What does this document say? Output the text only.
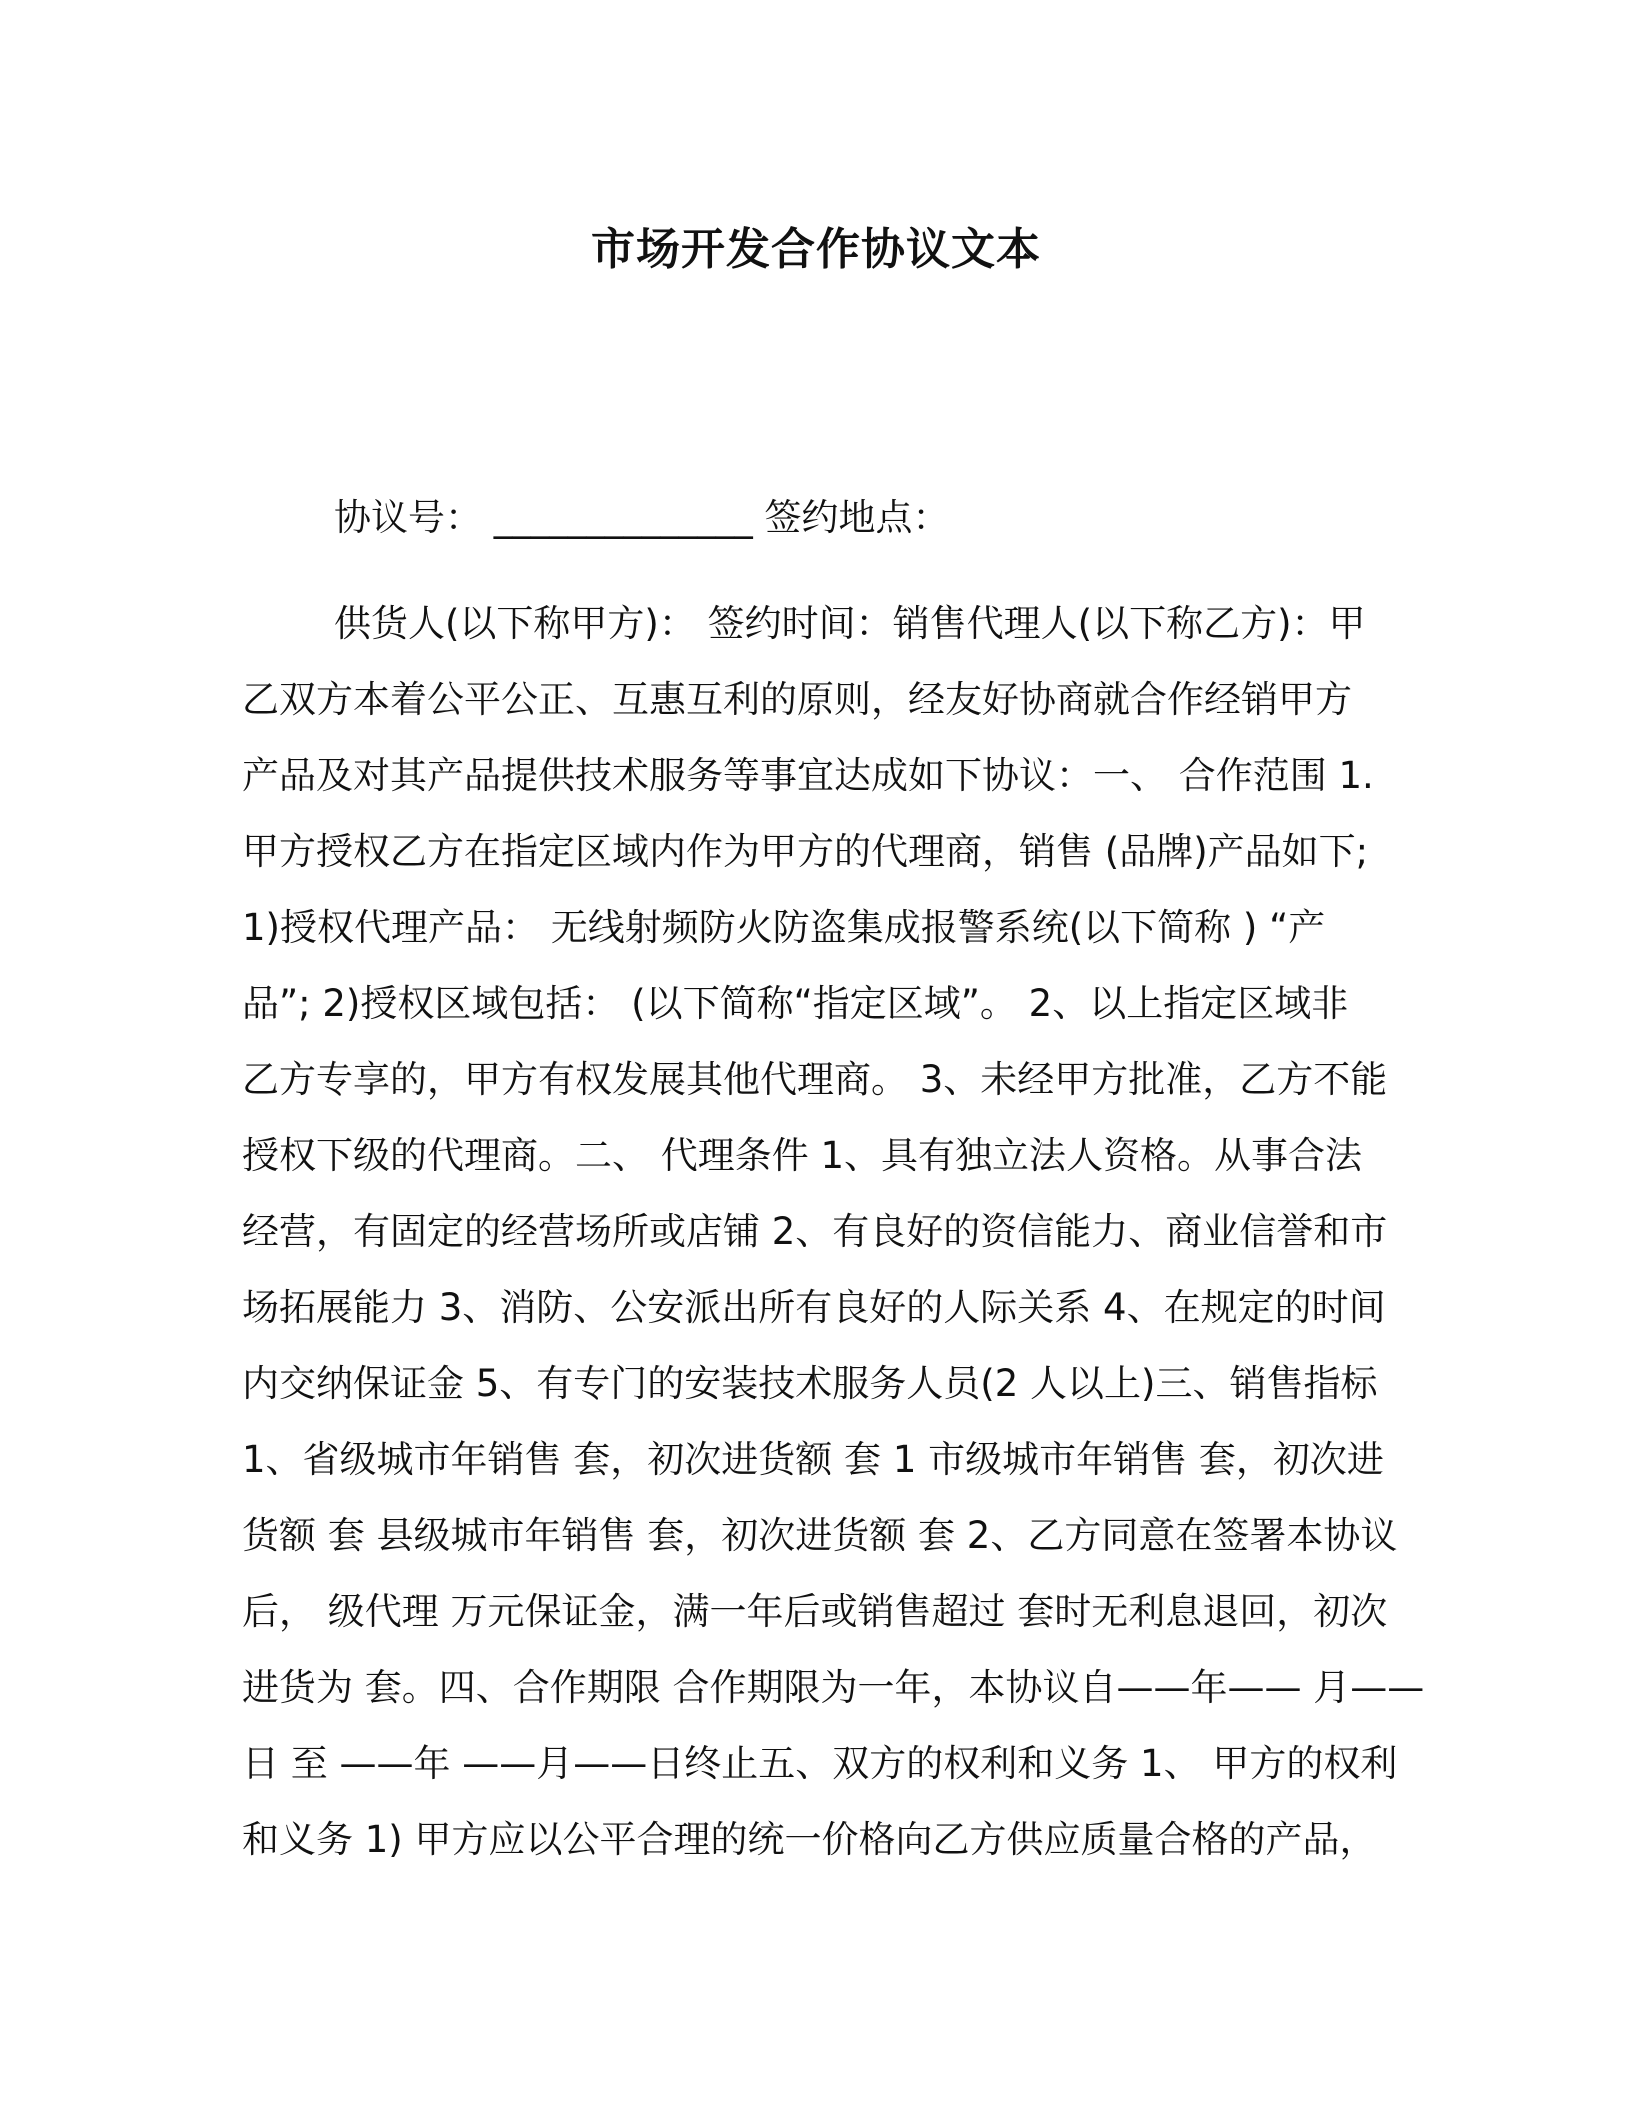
市场开发合作协议文本
协议号： ______________ 签约地点：
供货人(以下称甲方)： 签约时间：销售代理人(以下称乙方)：甲
乙双方本着公平公正、互惠互利的原则，经友好协商就合作经销甲方
产品及对其产品提供技术服务等事宜达成如下协议：一、 合作范围 1.
甲方授权乙方在指定区域内作为甲方的代理商，销售 (品牌)产品如下;
1)授权代理产品： 无线射频防火防盗集成报警系统(以下简称 ) “产
品”; 2)授权区域包括： (以下简称“指定区域”。 2、以上指定区域非
乙方专享的，甲方有权发展其他代理商。 3、未经甲方批准，乙方不能
授权下级的代理商。二、 代理条件 1、具有独立法人资格。从事合法
经营，有固定的经营场所或店铺 2、有良好的资信能力、商业信誉和市
场拓展能力 3、消防、公安派出所有良好的人际关系 4、在规定的时间
内交纳保证金 5、有专门的安装技术服务人员(2 人以上)三、销售指标
1、省级城市年销售 套，初次进货额 套 1 市级城市年销售 套，初次进
货额 套 县级城市年销售 套，初次进货额 套 2、乙方同意在签署本协议
后， 级代理 万元保证金，满一年后或销售超过 套时无利息退回，初次
进货为 套。四、合作期限 合作期限为一年，本协议自——年—— 月——
日 至 ——年 ——月——日终止五、双方的权利和义务 1、 甲方的权利
和义务 1) 甲方应以公平合理的统一价格向乙方供应质量合格的产品，
